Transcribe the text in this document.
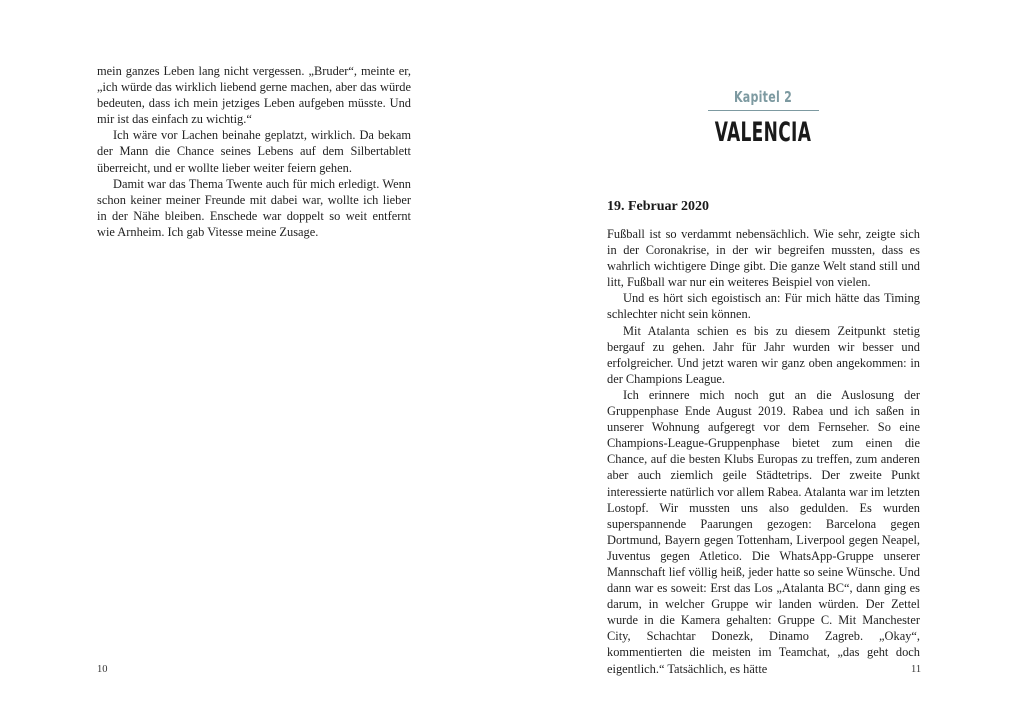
mein ganzes Leben lang nicht vergessen. „Bruder“, meinte er, „ich würde das wirklich liebend gerne machen, aber das würde bedeuten, dass ich mein jetziges Leben aufgeben müsste. Und mir ist das einfach zu wichtig.“

Ich wäre vor Lachen beinahe geplatzt, wirklich. Da bekam der Mann die Chance seines Lebens auf dem Silbertablett überreicht, und er wollte lieber weiter feiern gehen.

Damit war das Thema Twente auch für mich erledigt. Wenn schon keiner meiner Freunde mit dabei war, wollte ich lieber in der Nähe bleiben. Enschede war doppelt so weit entfernt wie Arnheim. Ich gab Vitesse meine Zusage.

10
Kapitel 2
VALENCIA
19. Februar 2020

Fußball ist so verdammt nebensächlich. Wie sehr, zeigte sich in der Coronakrise, in der wir begreifen mussten, dass es wahrlich wichtigere Dinge gibt. Die ganze Welt stand still und litt, Fußball war nur ein weiteres Beispiel von vielen.

Und es hört sich egoistisch an: Für mich hätte das Timing schlechter nicht sein können.

Mit Atalanta schien es bis zu diesem Zeitpunkt stetig bergauf zu gehen. Jahr für Jahr wurden wir besser und erfolgreicher. Und jetzt waren wir ganz oben angekommen: in der Champions League.

Ich erinnere mich noch gut an die Auslosung der Gruppenphase Ende August 2019. Rabea und ich saßen in unserer Wohnung aufgeregt vor dem Fernseher. So eine Champions-League-Gruppenphase bietet zum einen die Chance, auf die besten Klubs Europas zu treffen, zum anderen aber auch ziemlich geile Städtetrips. Der zweite Punkt interessierte natürlich vor allem Rabea. Atalanta war im letzten Lostopf. Wir mussten uns also gedulden. Es wurden superspannende Paarungen gezogen: Barcelona gegen Dortmund, Bayern gegen Tottenham, Liverpool gegen Neapel, Juventus gegen Atletico. Die WhatsApp-Gruppe unserer Mannschaft lief völlig heiß, jeder hatte so seine Wünsche. Und dann war es soweit: Erst das Los „Atalanta BC“, dann ging es darum, in welcher Gruppe wir landen würden. Der Zettel wurde in die Kamera gehalten: Gruppe C. Mit Manchester City, Schachtar Donezk, Dinamo Zagreb. „Okay“, kommentierten die meisten im Teamchat, „das geht doch eigentlich.“ Tatsächlich, es hätte	11
